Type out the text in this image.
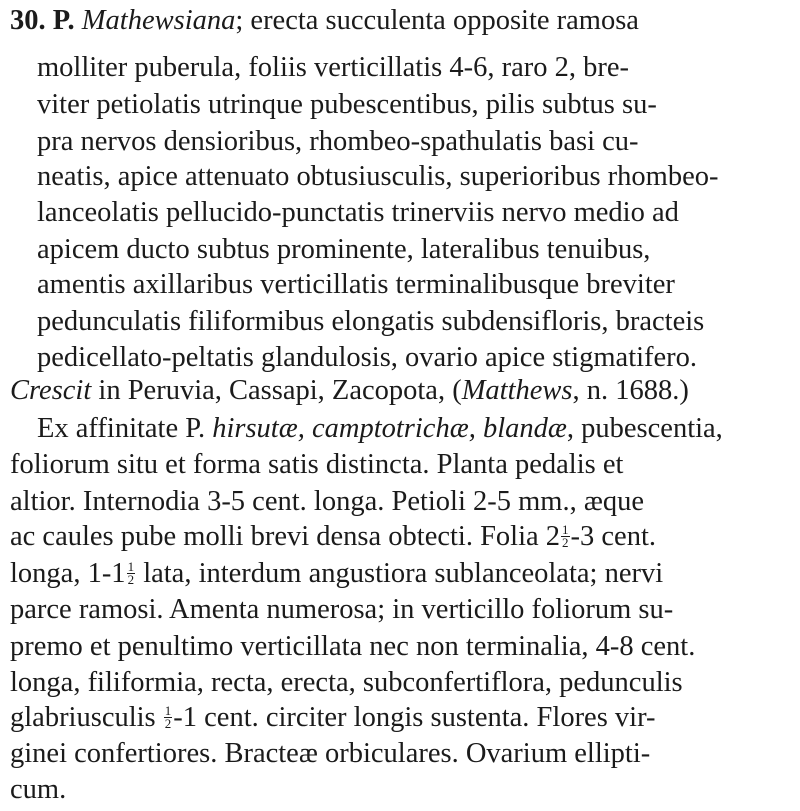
30. P. Mathewsiana; erecta succulenta opposite ramosa
molliter puberula, foliis verticillatis 4-6, raro 2, bre-
viter petiolatis utrinque pubescentibus, pilis subtus su-
pra nervos densioribus, rhombeo-spathulatis basi cu-
neatis, apice attenuato obtusiusculis, superioribus rhombeo-
lanceolatis pellucido-punctatis trinerviis nervo medio ad
apicem ducto subtus prominente, lateralibus tenuibus,
amentis axillaribus verticillatis terminalibusque breviter
pedunculatis filiformibus elongatis subdensifloris, bracteis
pedicellato-peltatis glandulosis, ovario apice stigmatifero.
Crescit in Peruvia, Cassapi, Zacopota, (Matthews, n. 1688.)
Ex affinitate P. hirsutæ, camptotrichæ, blandæ, pubescentia,
foliorum situ et forma satis distincta. Planta pedalis et
altior. Internodia 3-5 cent. longa. Petioli 2-5 mm., æque
ac caules pube molli brevi densa obtecti. Folia $2 \frac{1}{2} -3$ cent.
longa, $1-1 \frac{1}{2}$ lata, interdum angustiora sublanceolata; nervi
parce ramosi. Amenta numerosa; in verticillo foliorum su-
premo et penultimo verticillata nec non terminalia, 4-8 cent.
longa, filiformia, recta, erecta, subconfertiflora, pedunculis
glabriusculis $\frac{1}{2} -1$ cent. circiter longis sustenta. Flores vir-
ginei confertiores. Bracteæ orbiculares. Ovarium ellipti-
cum.
